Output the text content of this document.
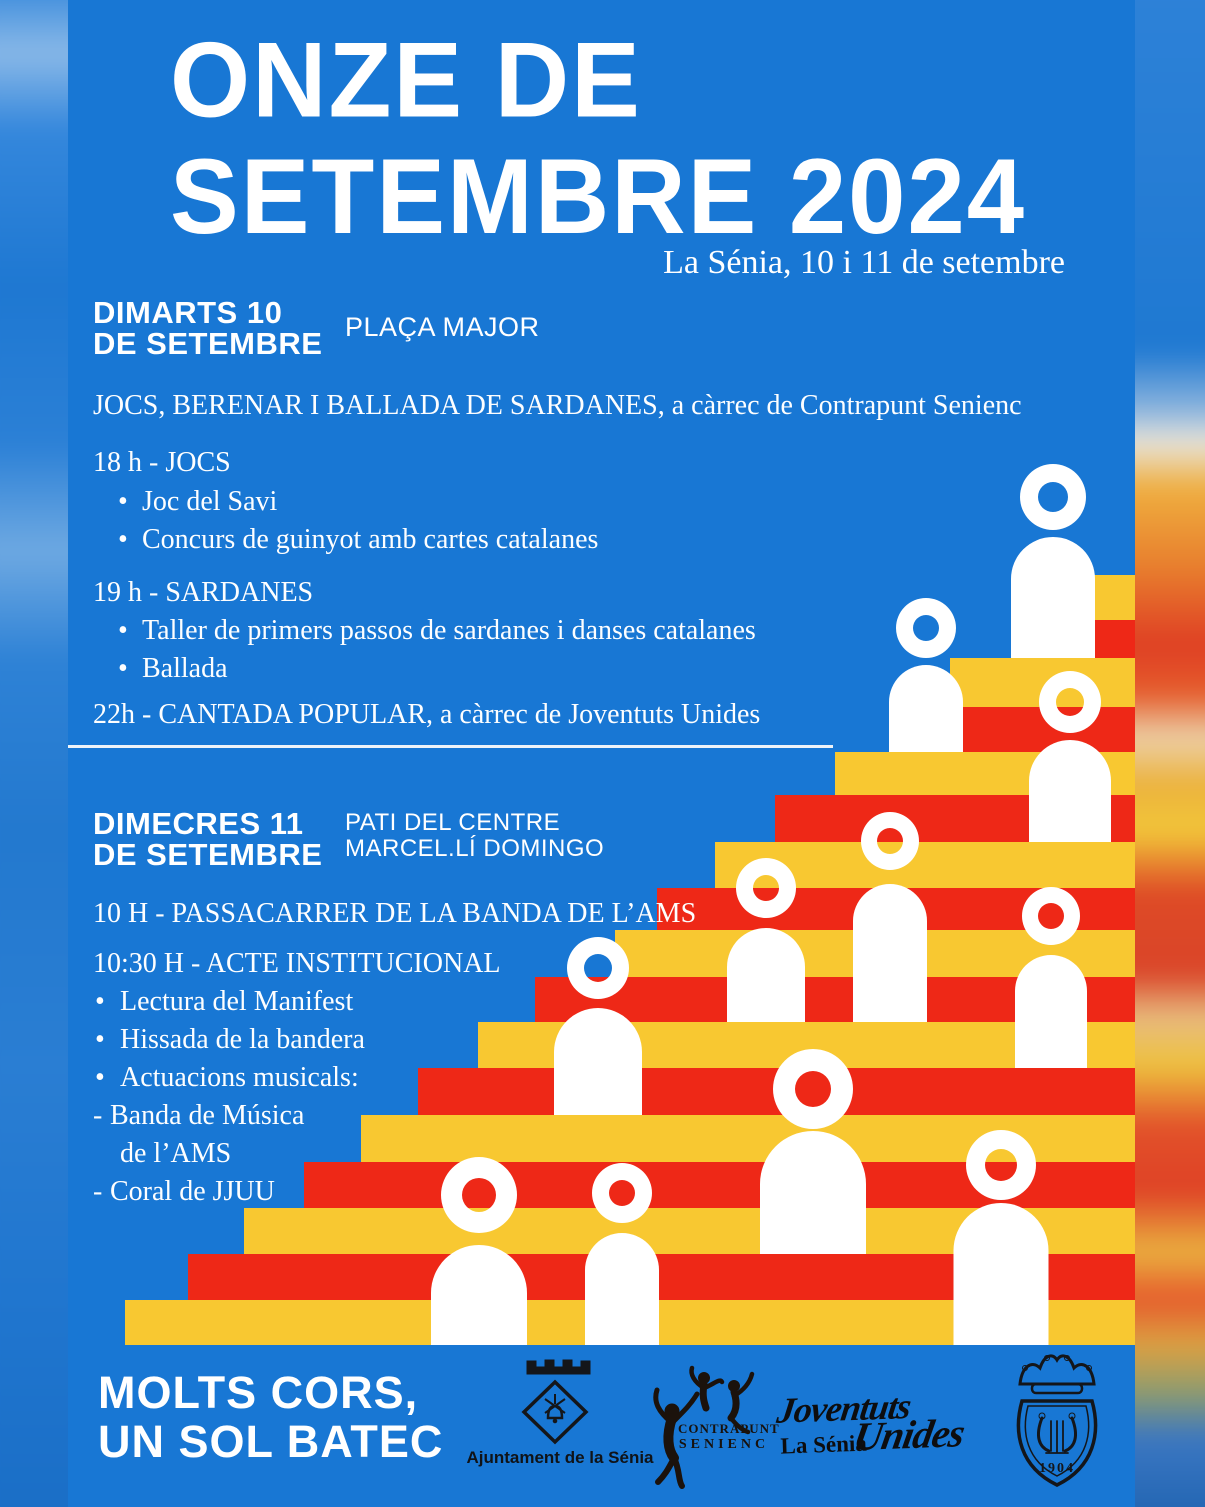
ONZE DE
SETEMBRE 2024
La Sénia, 10 i 11 de setembre
DIMARTS 10
DE SETEMBRE PLAÇA MAJOR
JOCS, BERENAR I BALLADA DE SARDANES, a càrrec de Contrapunt Senienc
18 h - JOCS
• Joc del Savi
• Concurs de guinyot amb cartes catalanes
19 h - SARDANES
• Taller de primers passos de sardanes i danses catalanes
• Ballada
22h - CANTADA POPULAR, a càrrec de Joventuts Unides
DIMECRES 11
DE SETEMBRE
PATI DEL CENTRE
MARCEL.LÍ DOMINGO
10 H - PASSACARRER DE LA BANDA DE L’AMS
10:30 H - ACTE INSTITUCIONAL
• Lectura del Manifest
• Hissada de la bandera
• Actuacions musicals:
- Banda de Música
de l’AMS
- Coral de JJUU
MOLTS CORS,
UN SOL BATEC	Ajuntament de la Sénia
CONTRAPUNT
SENIENC
Joventuts
Unides
La Sénia
1904
